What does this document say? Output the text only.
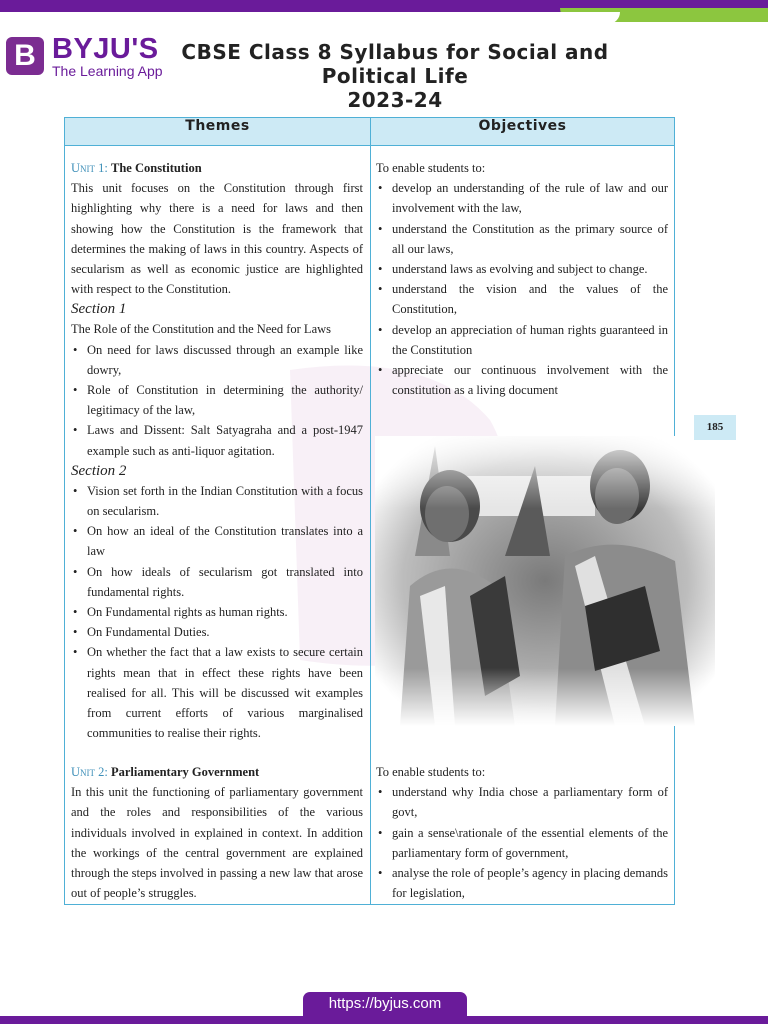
B BYJU'S
The Learning App
CBSE Class 8 Syllabus for Social and
Political Life
2023-24
Themes	Objectives

Unit 1: The Constitution

This unit focuses on the Constitution through first highlighting why there is a need for laws and then showing how the Constitution is the framework that determines the making of laws in this country. Aspects of secularism as well as economic justice are highlighted with respect to the Constitution.

Section 1

The Role of the Constitution and the Need for Laws

• On need for laws discussed through an example like dowry,
• Role of Constitution in determining the authority/ legitimacy of the law,
• Laws and Dissent: Salt Satyagraha and a post-1947 example such as anti-liquor agitation.

Section 2

• Vision set forth in the Indian Constitution with a focus on secularism.
• On how an ideal of the Constitution translates into a law
• On how ideals of secularism got translated into fundamental rights.
• On Fundamental rights as human rights.
• On Fundamental Duties.
• On whether the fact that a law exists to secure certain rights mean that in effect these rights have been realised for all. This will be discussed wit examples from current efforts of various marginalised communities to realise their rights.

To enable students to:

• develop an understanding of the rule of law and our involvement with the law,
• understand the Constitution as the primary source of all our laws,
• understand laws as evolving and subject to change.
• understand the vision and the values of the Constitution,
• develop an appreciation of human rights guaranteed in the Constitution
• appreciate our continuous involvement with the constitution as a living document

Unit 2: Parliamentary Government

In this unit the functioning of parliamentary government and the roles and responsibilities of the various individuals involved in explained in context. In addition the workings of the central government are explained through the steps involved in passing a new law that arose out of people’s struggles.

To enable students to:

• understand why India chose a parliamentary form of govt,
• gain a sense\rationale of the essential elements of the parliamentary form of government,
• analyse the role of people’s agency in placing demands for legislation,
185
https://byjus.com
